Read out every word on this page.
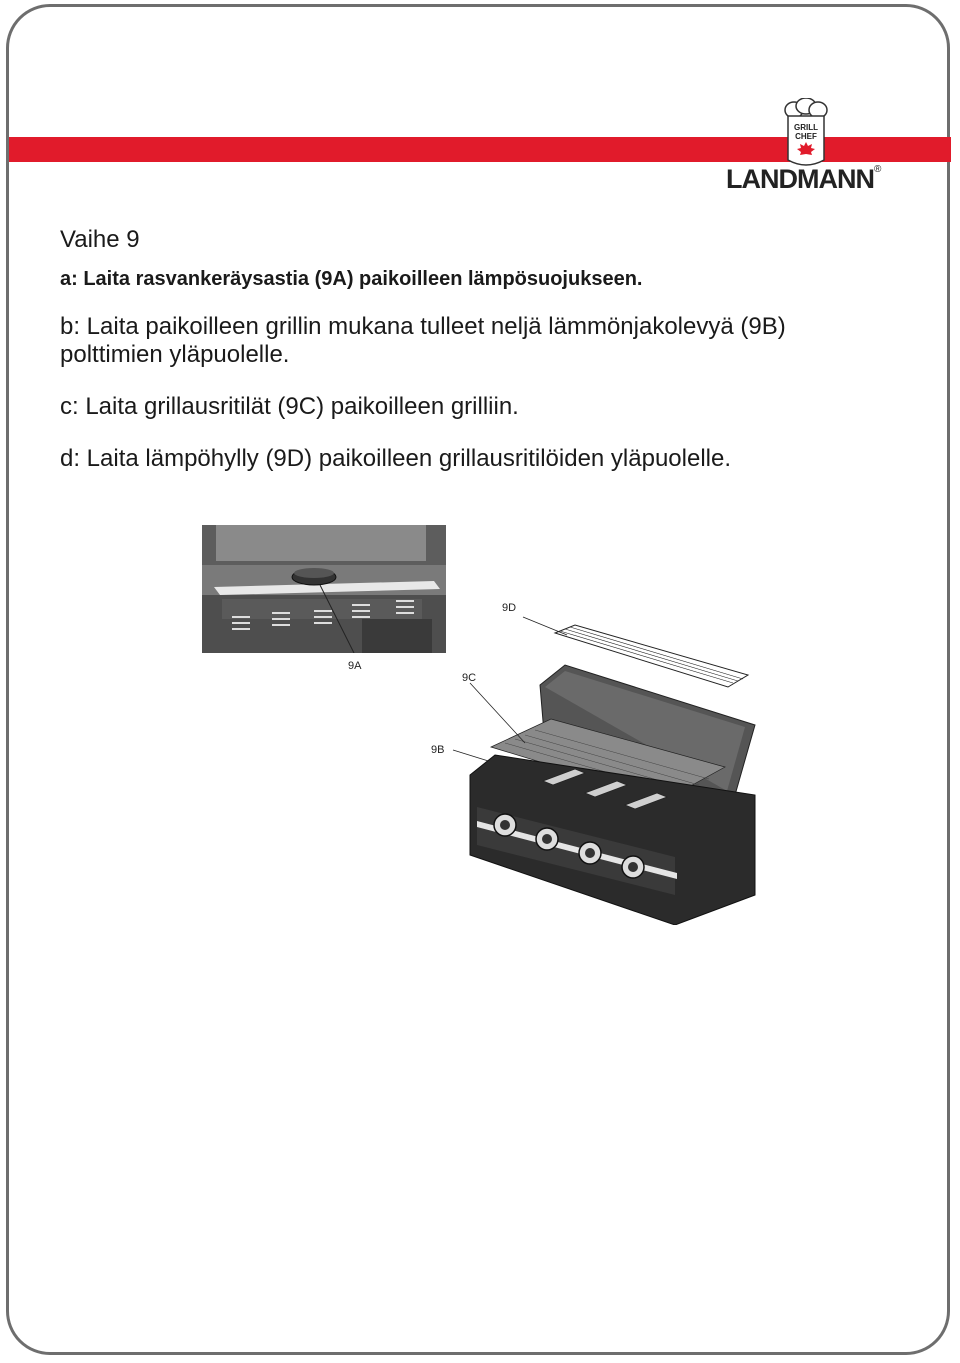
GRILL
CHEF
LANDMANN®
Vaihe 9

a: Laita rasvankeräysastia (9A) paikoilleen lämpösuojukseen.

b: Laita paikoilleen grillin mukana tulleet neljä lämmönjakolevyä (9B)

polttimien yläpuolelle.

c: Laita grillausritilät (9C) paikoilleen grilliin.

d: Laita lämpöhylly (9D) paikoilleen grillausritilöiden yläpuolelle.

9A
9B
9C
9D
